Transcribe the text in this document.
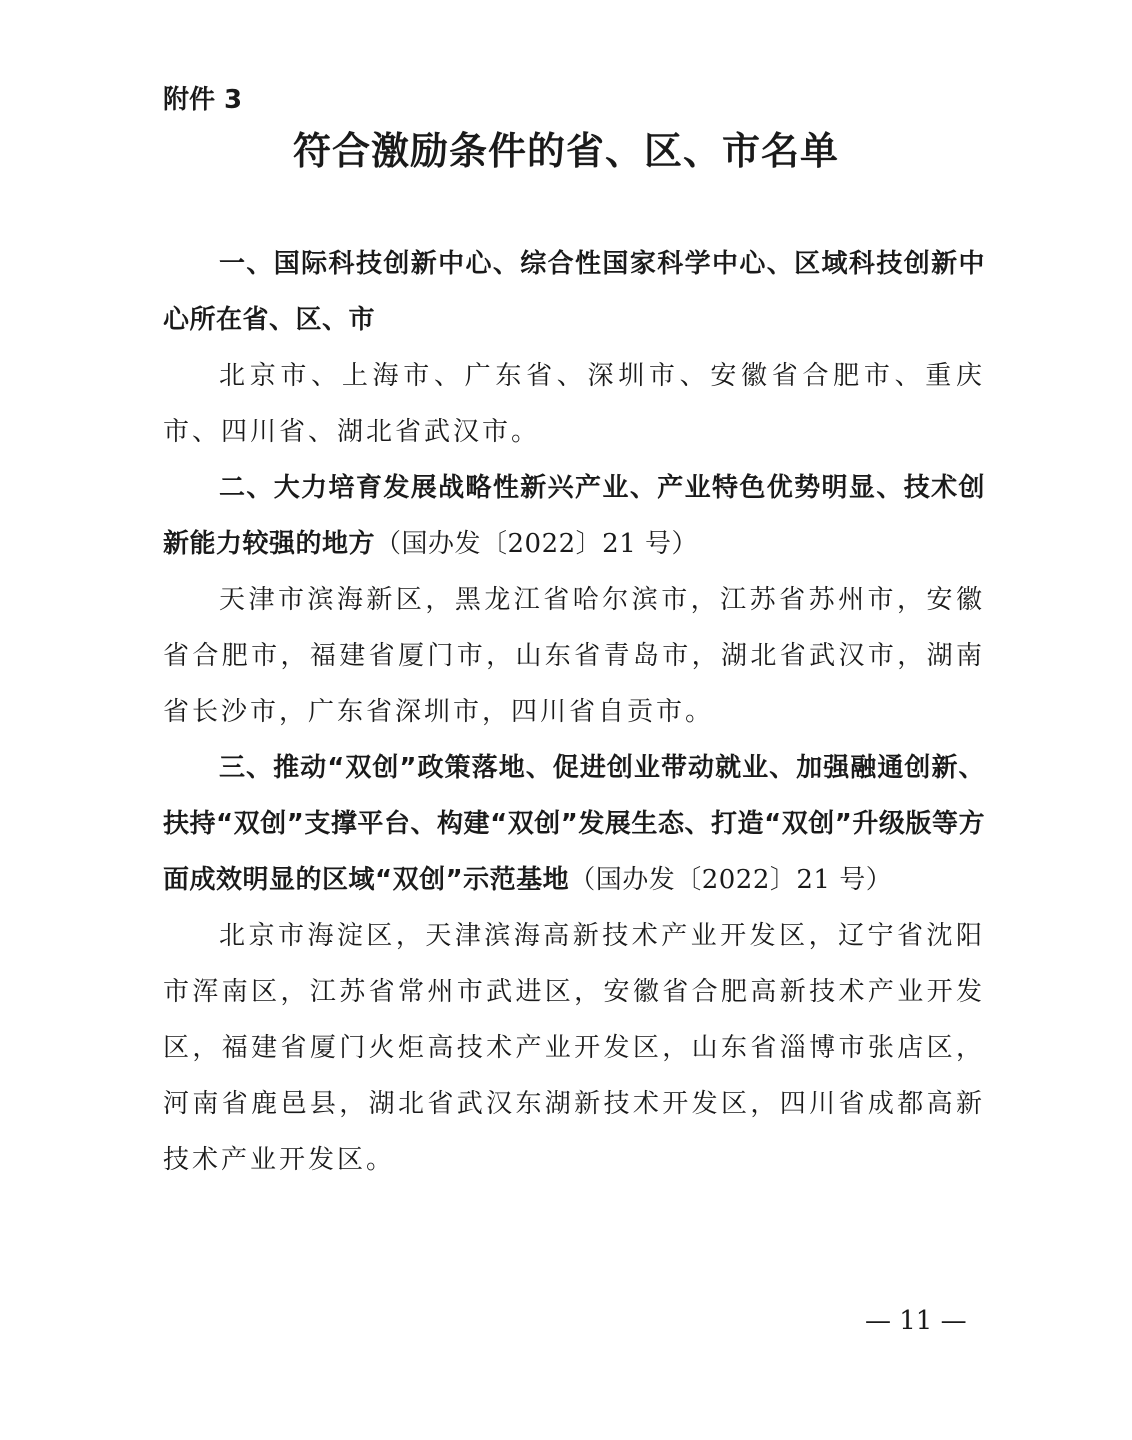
附件 3
符合激励条件的省、区、市名单

一、国际科技创新中心、综合性国家科学中心、区域科技创新中心所在省、区、市

北京市、上海市、广东省、深圳市、安徽省合肥市、重庆市、四川省、湖北省武汉市。

二、大力培育发展战略性新兴产业、产业特色优势明显、技术创新能力较强的地方（国办发〔2022〕21 号）

天津市滨海新区，黑龙江省哈尔滨市，江苏省苏州市，安徽省合肥市，福建省厦门市，山东省青岛市，湖北省武汉市，湖南省长沙市，广东省深圳市，四川省自贡市。

三、推动“双创”政策落地、促进创业带动就业、加强融通创新、扶持“双创”支撑平台、构建“双创”发展生态、打造“双创”升级版等方面成效明显的区域“双创”示范基地（国办发〔2022〕21 号）

北京市海淀区，天津滨海高新技术产业开发区，辽宁省沈阳市浑南区，江苏省常州市武进区，安徽省合肥高新技术产业开发区，福建省厦门火炬高技术产业开发区，山东省淄博市张店区，河南省鹿邑县，湖北省武汉东湖新技术开发区，四川省成都高新技术产业开发区。

— 11 —
